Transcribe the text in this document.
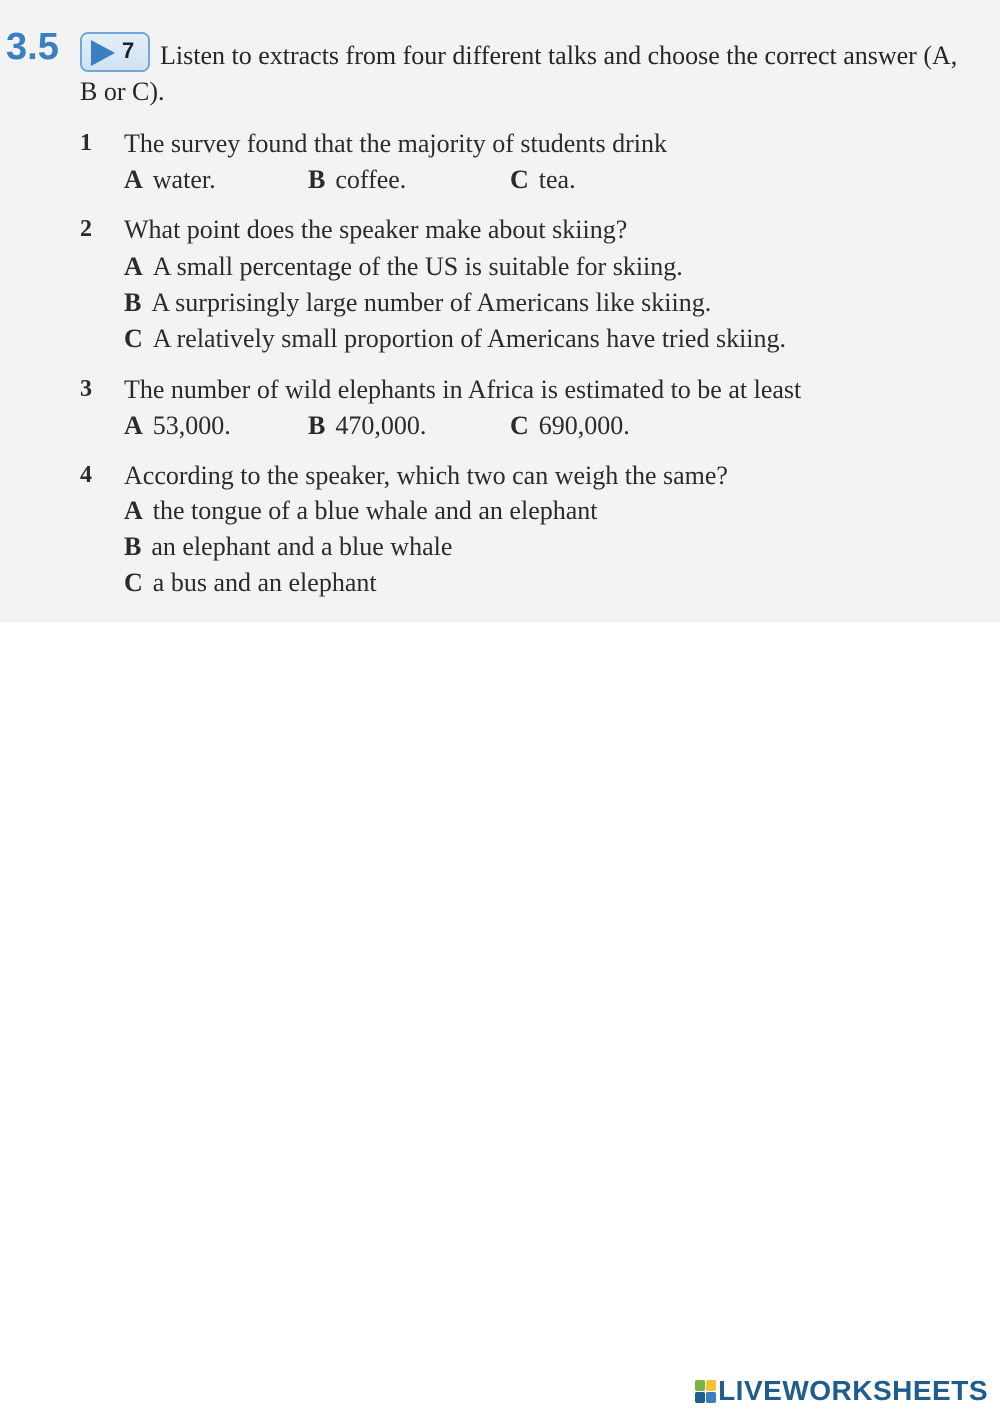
3.5	7 Listen to extracts from four different talks and choose the correct answer (A, B or C).
1 The survey found that the majority of students drink
A water.	B coffee.	C tea.
2 What point does the speaker make about skiing?
A A small percentage of the US is suitable for skiing.
B A surprisingly large number of Americans like skiing.
C A relatively small proportion of Americans have tried skiing.
3 The number of wild elephants in Africa is estimated to be at least
A 53,000.	B 470,000.	C 690,000.
4 According to the speaker, which two can weigh the same?
A the tongue of a blue whale and an elephant
B an elephant and a blue whale
C a bus and an elephant
LIVEWORKSHEETS
